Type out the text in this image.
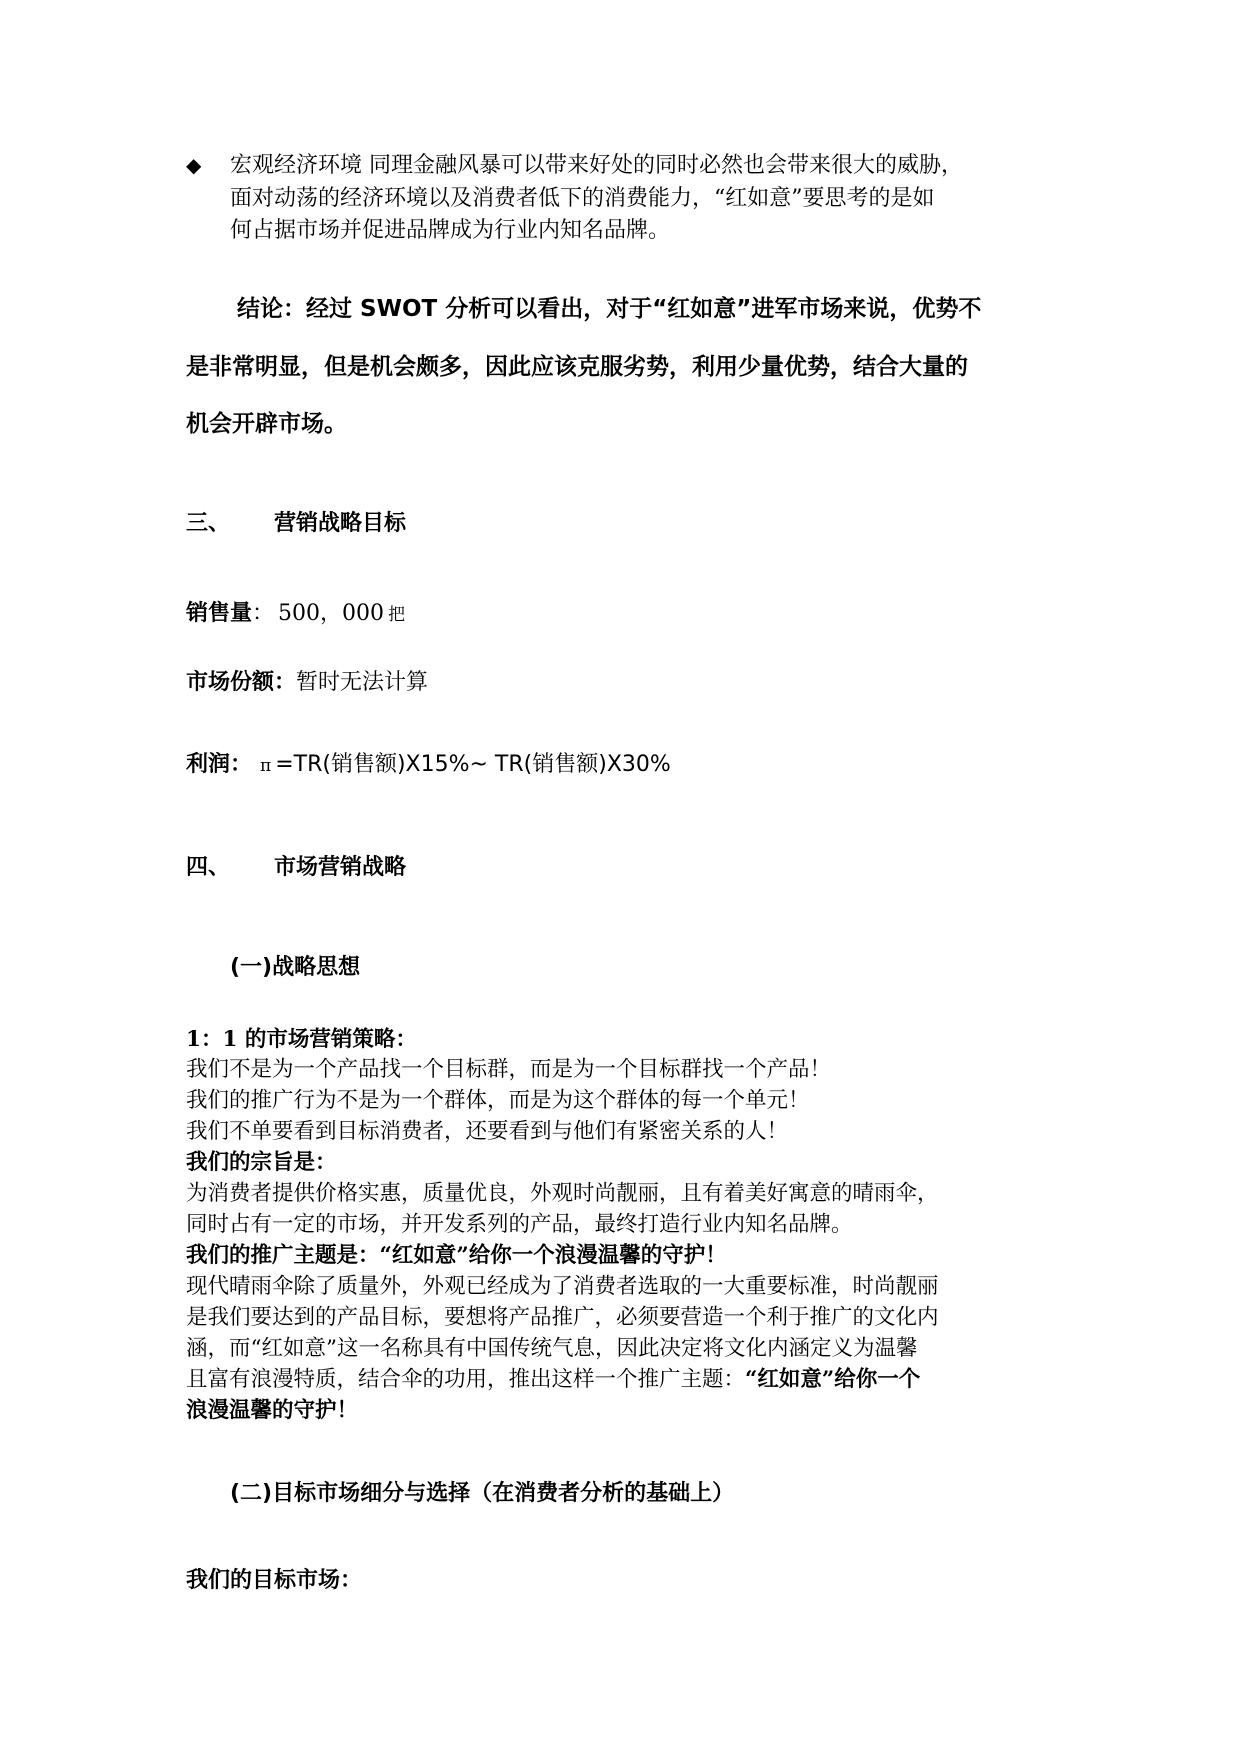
◆ 宏观经济环境 同理金融风暴可以带来好处的同时必然也会带来很大的威胁，
面对动荡的经济环境以及消费者低下的消费能力，“红如意”要思考的是如
何占据市场并促进品牌成为行业内知名品牌。
结论：经过 SWOT 分析可以看出，对于“红如意”进军市场来说，优势不
是非常明显，但是机会颇多，因此应该克服劣势，利用少量优势，结合大量的
机会开辟市场。
三、 营销战略目标
销售量： 500，000 把
市场份额：暂时无法计算
利润： π =TR(销售额)X15%~ TR(销售额)X30%
四、 市场营销战略
(一)战略思想
1：1 的市场营销策略：
我们不是为一个产品找一个目标群，而是为一个目标群找一个产品！
我们的推广行为不是为一个群体，而是为这个群体的每一个单元！
我们不单要看到目标消费者，还要看到与他们有紧密关系的人！
我们的宗旨是：
为消费者提供价格实惠，质量优良，外观时尚靓丽，且有着美好寓意的晴雨伞，
同时占有一定的市场，并开发系列的产品，最终打造行业内知名品牌。
我们的推广主题是：“红如意”给你一个浪漫温馨的守护！
现代晴雨伞除了质量外，外观已经成为了消费者选取的一大重要标准，时尚靓丽
是我们要达到的产品目标，要想将产品推广，必须要营造一个利于推广的文化内
涵，而“红如意”这一名称具有中国传统气息，因此决定将文化内涵定义为温馨
且富有浪漫特质，结合伞的功用，推出这样一个推广主题：“红如意”给你一个
浪漫温馨的守护！
(二)目标市场细分与选择（在消费者分析的基础上）
我们的目标市场：
